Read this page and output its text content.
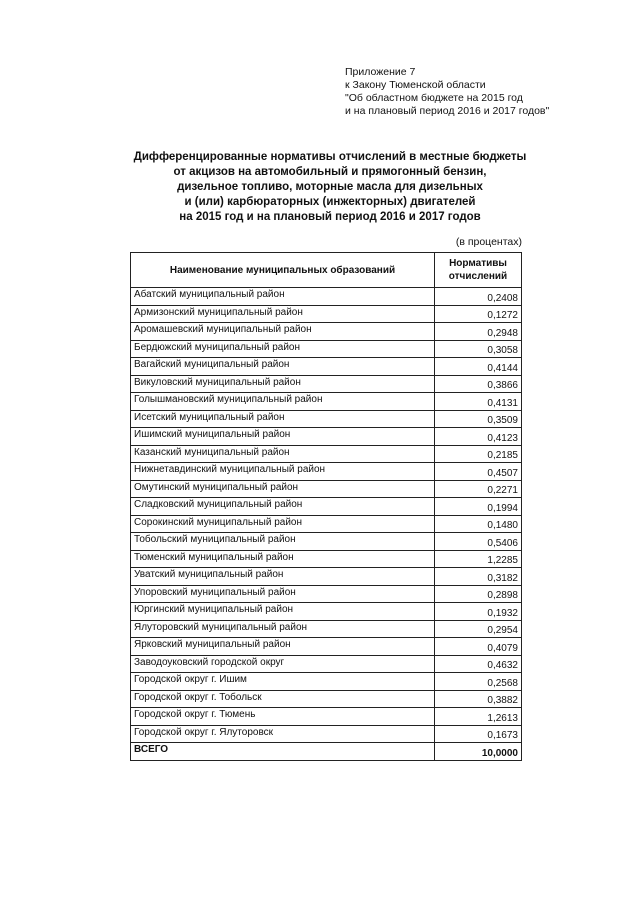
Приложение 7
к Закону Тюменской области
"Об областном бюджете на 2015 год
и на плановый период 2016 и 2017 годов"
Дифференцированные нормативы отчислений в местные бюджеты
от акцизов на автомобильный и прямогонный бензин,
дизельное топливо, моторные масла для дизельных
и (или) карбюраторных (инжекторных) двигателей
на 2015 год и на плановый период 2016 и 2017 годов
(в процентах)
Наименование муниципальных образований	Нормативы
отчислений
Абатский муниципальный район	0,2408
Армизонский муниципальный район	0,1272
Аромашевский муниципальный район	0,2948
Бердюжский муниципальный район	0,3058
Вагайский муниципальный район	0,4144
Викуловский муниципальный район	0,3866
Голышмановский муниципальный район	0,4131
Исетский муниципальный район	0,3509
Ишимский муниципальный район	0,4123
Казанский муниципальный район	0,2185
Нижнетавдинский муниципальный район	0,4507
Омутинский муниципальный район	0,2271
Сладковский муниципальный район	0,1994
Сорокинский муниципальный район	0,1480
Тобольский муниципальный район	0,5406
Тюменский муниципальный район	1,2285
Уватский муниципальный район	0,3182
Упоровский муниципальный район	0,2898
Юргинский муниципальный район	0,1932
Ялуторовский муниципальный район	0,2954
Ярковский муниципальный район	0,4079
Заводоуковский городской округ	0,4632
Городской округ г. Ишим	0,2568
Городской округ г. Тобольск	0,3882
Городской округ г. Тюмень	1,2613
Городской округ г. Ялуторовск	0,1673
ВСЕГО	10,0000
